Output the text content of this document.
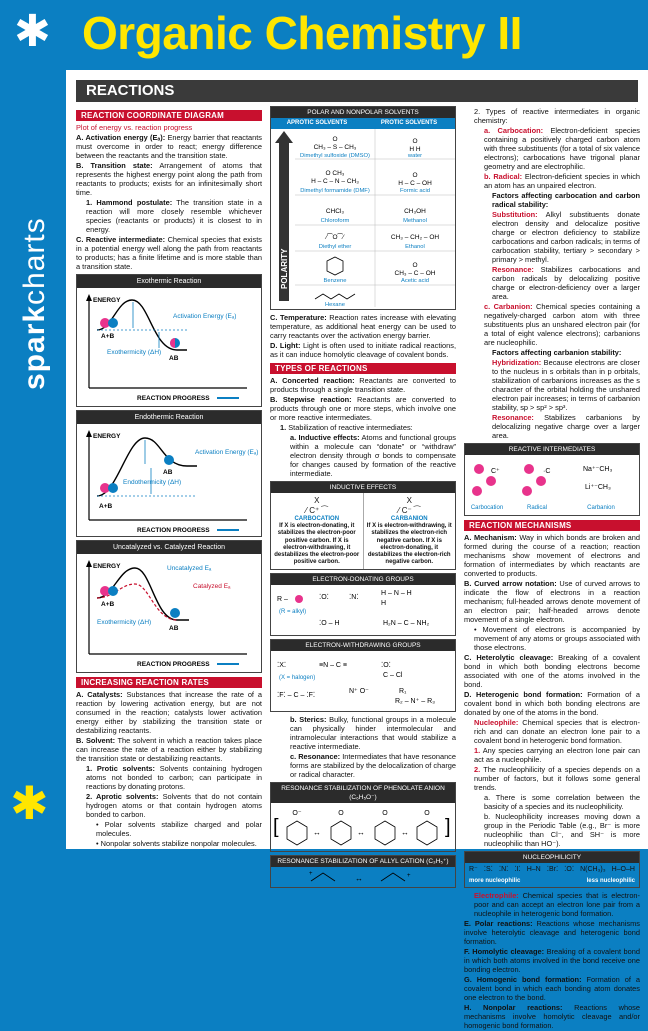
✱
sparkcharts
✱
Organic Chemistry II
REACTIONS
REACTION COORDINATE DIAGRAM

Plot of energy vs. reaction progress

A. Activation energy (Eₐ): Energy barrier that reactants must overcome in order to react; energy difference between the reactants and the transition state.

B. Transition state: Arrangement of atoms that represents the highest energy point along the path from reactants to products; exists for an infinitesimally short time.

1. Hammond postulate: The transition state in a reaction will more closely resemble whichever species (reactants or products) it is closest to in energy.

C. Reactive intermediate: Chemical species that exists in a potential energy well along the path from reactants to products; has a finite lifetime and is more stable than a transition state.

Exothermic Reaction
ENERGY
A+B
AB
Activation Energy (Eₐ)
Exothermicity (ΔH)
REACTION PROGRESS
Endothermic Reaction
ENERGY
A+B
AB
Activation Energy (Eₐ)
Endothermicity (ΔH)
REACTION PROGRESS
Uncatalyzed vs. Catalyzed Reaction
ENERGY
A+B
AB
Uncatalyzed Eₐ
Catalyzed Eₐ
Exothermicity (ΔH)
REACTION PROGRESS
INCREASING REACTION RATES

A. Catalysts: Substances that increase the rate of a reaction by lowering activation energy, but are not consumed in the reaction; catalysts lower activation energy either by stabilizing the transition state or destabilizing reactants.

B. Solvent: The solvent in which a reaction takes place can increase the rate of a reaction either by stabilizing the transition state or destabilizing reactants.

1. Protic solvents: Solvents containing hydrogen atoms not bonded to carbon; can participate in reactions by donating protons.

2. Aprotic solvents: Solvents that do not contain hydrogen atoms or that contain hydrogen atoms bonded to carbon.

• Polar solvents stabilize charged and polar molecules.

• Nonpolar solvents stabilize nonpolar molecules.

POLAR AND NONPOLAR SOLVENTS
APROTIC SOLVENTS	PROTIC SOLVENTS
POLARITY
O
CH₃ – S – CH₃
O
H H
O CH₃
H – C – N – CH₃
O
H – C – OH
CHCl₃	CH₃OH
⁄⁀O⁀⁄	CH₃ – CH₂ – OH
O
CH₃ – C – OH
Dimethyl sulfoxide (DMSO)	water
Dimethyl formamide (DMF)	Formic acid
Chloroform	Methanol
Diethyl ether	Ethanol
Benzene	Acetic acid
Hexane

C. Temperature: Reaction rates increase with elevating temperature, as additional heat energy can be used to carry reactants over the activation energy barrier.

D. Light: Light is often used to initiate radical reactions, as it can induce homolytic cleavage of covalent bonds.

TYPES OF REACTIONS

A. Concerted reaction: Reactants are converted to products through a single transition state.

B. Stepwise reaction: Reactants are converted to products through one or more steps, which involve one or more reactive intermediates.

1. Stabilization of reactive intermediates:

a. Inductive effects: Atoms and functional groups within a molecule can “donate” or “withdraw” electron density through σ bonds to compensate for changes caused by formation of the reactive intermediate.

INDUCTIVE EFFECTS
X
⁄ C⁺ ⁀
CARBOCATION
If X is electron-donating, it stabilizes the electron-poor positive carbon. If X is electron-withdrawing, it destabilizes the electron-poor positive carbon.
X
⁄ C⁻ ⁀
CARBANION
If X is electron-withdrawing, it stabilizes the electron-rich negative carbon. If X is electron-donating, it destabilizes the electron-rich negative carbon.
ELECTRON-DONATING GROUPS
R –	⁚O⁚	⁚N⁚
H – N – H
H
H₂N – C – NH₂
⁚O – H
(R = alkyl)
ELECTRON-WITHDRAWING GROUPS
⁚X⁚	≡N – C ≡	⁚O⁚
C – Cl
⁚F⁚ – C – ⁚F⁚
N⁺ O⁻	R₁
R₂ – N⁺ – R₃
(X = halogen)

b. Sterics: Bulky, functional groups in a molecule can physically hinder intermolecular and intramolecular interactions that would stabilize a reactive intermediate.

c. Resonance: Intermediates that have resonance forms are stabilized by the delocalization of charge or radical character.

RESONANCE STABILIZATION OF PHENOLATE ANION (C₆H₅O⁻)
[	]
O⁻	O	O	O
↔	↔	↔
RESONANCE STABILIZATION OF ALLYL CATION (C₃H₅⁺)
+	↔	+

2. Types of reactive intermediates in organic chemistry:

a. Carbocation: Electron-deficient species containing a positively charged carbon atom with three substituents (for a total of six valence electrons); carbocations have trigonal planar geometry and are electrophilic.

b. Radical: Electron-deficient species in which an atom has an unpaired electron.

Factors affecting carbocation and carbon radical stability:

Substitution: Alkyl substituents donate electron density and delocalize positive charge or electron deficiency to stabilize carbocations and carbon radicals; in terms of carbocation stability, tertiary > secondary > primary > methyl.

Resonance: Stabilizes carbocations and carbon radicals by delocalizing positive charge or electron-deficiency over a larger area.

c. Carbanion: Chemical species containing a negatively-charged carbon atom with three substituents plus an unshared electron pair (for a total of eight valence electrons); carbanions are nucleophilic.

Factors affecting carbanion stability:

Hybridization: Because electrons are closer to the nucleus in s orbitals than in p orbitals, stabilization of carbanions increases as the s character of the orbital holding the unshared electron pair increases; in terms of carbanion stability, sp > sp² > sp³.

Resonance: Stabilizes carbanions by delocalizing negative charge over a larger area.

REACTIVE INTERMEDIATES
C⁺	·C	Na⁺⁻CH₃
Li⁺⁻CH₃
Carbocation	Radical	Carbanion
REACTION MECHANISMS

A. Mechanism: Way in which bonds are broken and formed during the course of a reaction; reaction mechanisms show movement of electrons and formation of intermediates by which reactants are converted to products.

B. Curved arrow notation: Use of curved arrows to indicate the flow of electrons in a reaction mechanism; full-headed arrows denote movement of an electron pair; half-headed arrows denote movement of a single electron.

• Movement of electrons is accompanied by movement of any atoms or groups associated with those electrons.

C. Heterolytic cleavage: Breaking of a covalent bond in which both bonding electrons become associated with one of the atoms involved in the bond.

D. Heterogenic bond formation: Formation of a covalent bond in which both bonding electrons are donated by one of the atoms in the bond.

Nucleophile: Chemical species that is electron-rich and can donate an electron lone pair to a covalent bond in heterogenic bond formation.

1. Any species carrying an electron lone pair can act as a nucleophile.

2. The nucleophilicity of a species depends on a number of factors, but it follows some general trends.

a. There is some correlation between the basicity of a species and its nucleophilicity.

b. Nucleophilicity increases moving down a group in the Periodic Table (e.g., Br⁻ is more nucleophilic than Cl⁻, and SH⁻ is more nucleophilic than HO⁻).

NUCLEOPHILICITY
R⁻ ⁚S⁚ ⁚N⁚ ⁚I⁚ H–N ⁚Br⁚ ⁚O⁚ N(CH₃)₃ H–O–H
more nucleophilic	less nucleophilic

Electrophile: Chemical species that is electron-poor and can accept an electron lone pair from a nucleophile in heterogenic bond formation.

E. Polar reactions: Reactions whose mechanisms involve heterolytic cleavage and heterogenic bond formation.

F. Homolytic cleavage: Breaking of a covalent bond in which both atoms involved in the bond receive one bonding electron.

G. Homogenic bond formation: Formation of a covalent bond in which each bonding atom donates one electron to the bond.

H. Nonpolar reactions: Reactions whose mechanisms involve homolytic cleavage and/or homogenic bond formation.
